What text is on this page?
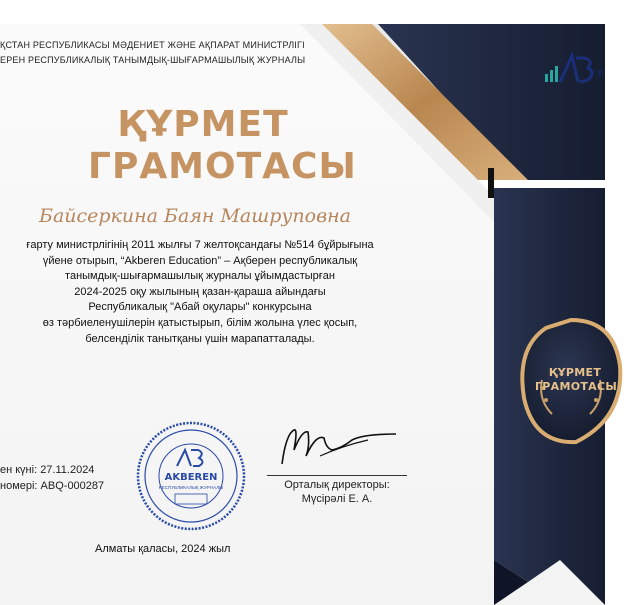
ҚСТАН РЕСПУБЛИКАСЫ МӘДЕНИЕТ ЖӘНЕ АҚПАРАТ МИНИСТРЛІГІ
ЕРЕН РЕСПУБЛИКАЛЫҚ ТАНЫМДЫҚ-ШЫҒАРМАШЫЛЫҚ ЖУРНАЛЫ
Р
ҚҰРМЕТ
ГРАМОТАСЫ
Байсеркина Баян Машруповна
ғарту министрлігінің 2011 жылғы 7 желтоқсандағы №514 бұйрығына
үйене отырып, “Akberen Education” – Ақберен республикалық
танымдық-шығармашылық журналы ұйымдастырған
2024-2025 оқу жылының қазан-қараша айындағы
Республикалық "Абай оқулары" конкурсына
өз тәрбиеленушілерін қатыстырып, білім жолына үлес қосып,
белсенділік танытқаны үшін марапатталады.
ен күні: 27.11.2024
номері: ABQ-000287
AKBEREN
РЕСПУБЛИКАЛЫҚ ЖУРНАЛЫ	Орталық директоры:
Мүсірәлі Е. А.
Алматы қаласы, 2024 жыл
ҚҰРМЕТ
ГРАМОТАСЫ
